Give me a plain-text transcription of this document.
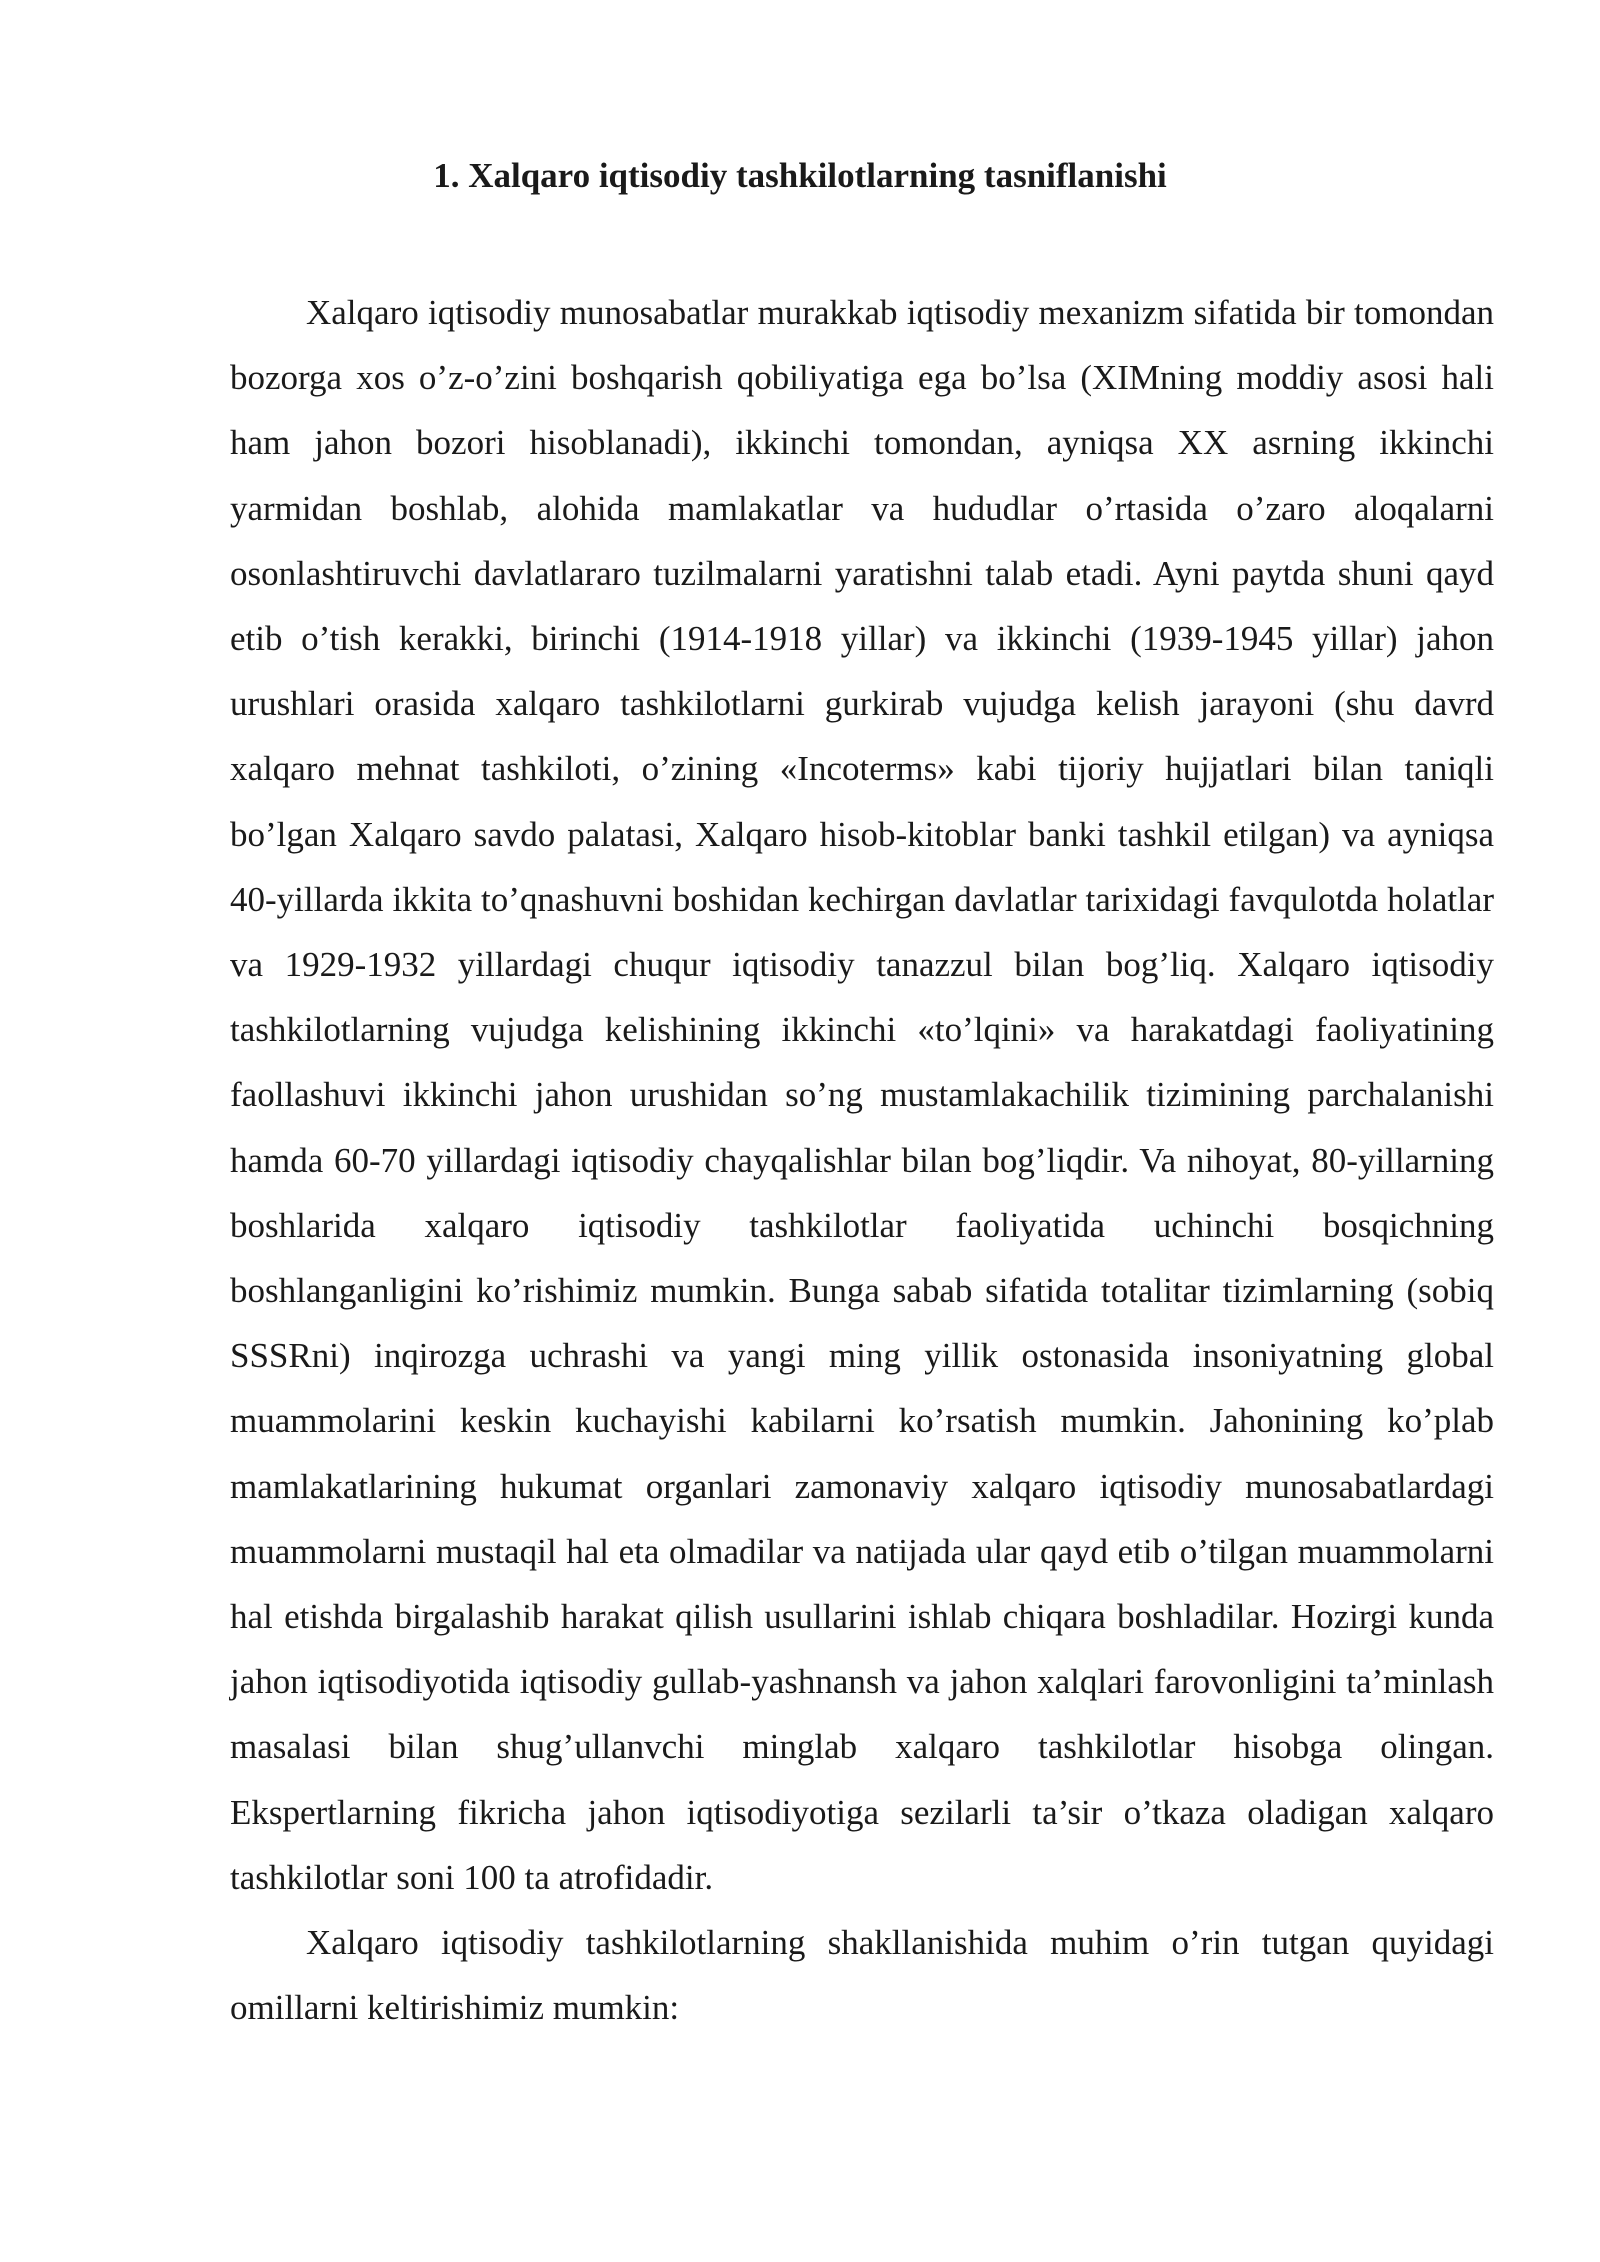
1. Xalqaro iqtisodiy tashkilotlarning tasniflanishi

Xalqaro iqtisodiy munosabatlar murakkab iqtisodiy mexanizm sifatida bir tomondan bozorga xos o’z-o’zini boshqarish qobiliyatiga ega bo’lsa (XIMning moddiy asosi hali ham jahon bozori hisoblanadi), ikkinchi tomondan, ayniqsa XX asrning ikkinchi yarmidan boshlab, alohida mamlakatlar va hududlar o’rtasida o’zaro aloqalarni osonlashtiruvchi davlatlararo tuzilmalarni yaratishni talab etadi. Ayni paytda shuni qayd etib o’tish kerakki, birinchi (1914-1918 yillar) va ikkinchi (1939-1945 yillar) jahon urushlari orasida xalqaro tashkilotlarni gurkirab vujudga kelish jarayoni (shu davrd xalqaro mehnat tashkiloti, o’zining «Incoterms» kabi tijoriy hujjatlari bilan taniqli bo’lgan Xalqaro savdo palatasi, Xalqaro hisob-kitoblar banki tashkil etilgan) va ayniqsa 40-yillarda ikkita to’qnashuvni boshidan kechirgan davlatlar tarixidagi favqulotda holatlar va 1929-1932 yillardagi chuqur iqtisodiy tanazzul bilan bog’liq. Xalqaro iqtisodiy tashkilotlarning vujudga kelishining ikkinchi «to’lqini» va harakatdagi faoliyatining faollashuvi ikkinchi jahon urushidan so’ng mustamlakachilik tizimining parchalanishi hamda 60-70 yillardagi iqtisodiy chayqalishlar bilan bog’liqdir. Va nihoyat, 80-yillarning boshlarida xalqaro iqtisodiy tashkilotlar faoliyatida uchinchi bosqichning boshlanganligini ko’rishimiz mumkin. Bunga sabab sifatida totalitar tizimlarning (sobiq SSSRni) inqirozga uchrashi va yangi ming yillik ostonasida insoniyatning global muammolarini keskin kuchayishi kabilarni ko’rsatish mumkin. Jahonining ko’plab mamlakatlarining hukumat organlari zamonaviy xalqaro iqtisodiy munosabatlardagi muammolarni mustaqil hal eta olmadilar va natijada ular qayd etib o’tilgan muammolarni hal etishda birgalashib harakat qilish usullarini ishlab chiqara boshladilar. Hozirgi kunda jahon iqtisodiyotida iqtisodiy gullab-yashnansh va jahon xalqlari farovonligini ta’minlash masalasi bilan shug’ullanvchi minglab xalqaro tashkilotlar hisobga olingan. Ekspertlarning fikricha jahon iqtisodiyotiga sezilarli ta’sir o’tkaza oladigan xalqaro tashkilotlar soni 100 ta atrofidadir.

Xalqaro iqtisodiy tashkilotlarning shakllanishida muhim o’rin tutgan quyidagi omillarni keltirishimiz mumkin:
